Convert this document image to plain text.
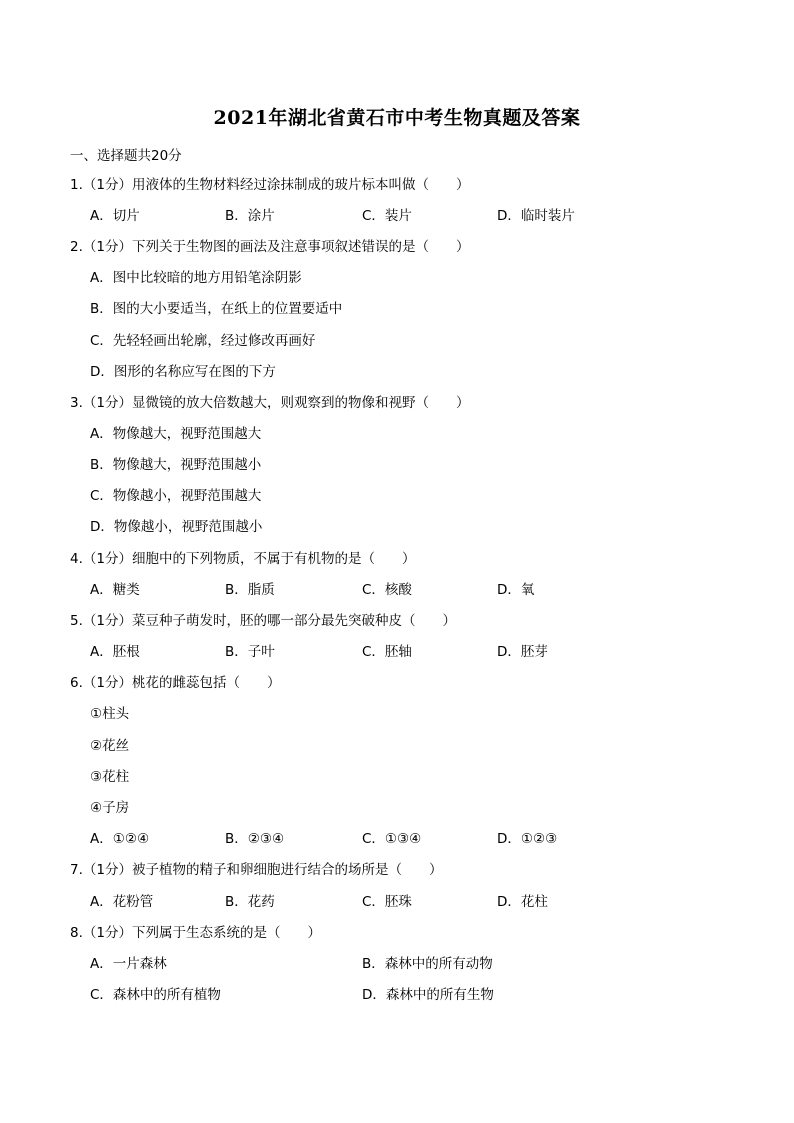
2021年湖北省黄石市中考生物真题及答案
一、选择题共20分
1.（1分）用液体的生物材料经过涂抹制成的玻片标本叫做（　　）
A．切片	B．涂片	C．装片	D．临时装片
2.（1分）下列关于生物图的画法及注意事项叙述错误的是（　　）
A．图中比较暗的地方用铅笔涂阴影
B．图的大小要适当，在纸上的位置要适中
C．先轻轻画出轮廓，经过修改再画好
D．图形的名称应写在图的下方
3.（1分）显微镜的放大倍数越大，则观察到的物像和视野（　　）
A．物像越大，视野范围越大
B．物像越大，视野范围越小
C．物像越小，视野范围越大
D．物像越小，视野范围越小
4.（1分）细胞中的下列物质，不属于有机物的是（　　）
A．糖类	B．脂质	C．核酸	D．氧
5.（1分）菜豆种子萌发时，胚的哪一部分最先突破种皮（　　）
A．胚根	B．子叶	C．胚轴	D．胚芽
6.（1分）桃花的雌蕊包括（　　）
①柱头
②花丝
③花柱
④子房
A．①②④	B．②③④	C．①③④	D．①②③
7.（1分）被子植物的精子和卵细胞进行结合的场所是（　　）
A．花粉管	B．花药	C．胚珠	D．花柱
8.（1分）下列属于生态系统的是（　　）
A．一片森林	B．森林中的所有动物
C．森林中的所有植物	D．森林中的所有生物
